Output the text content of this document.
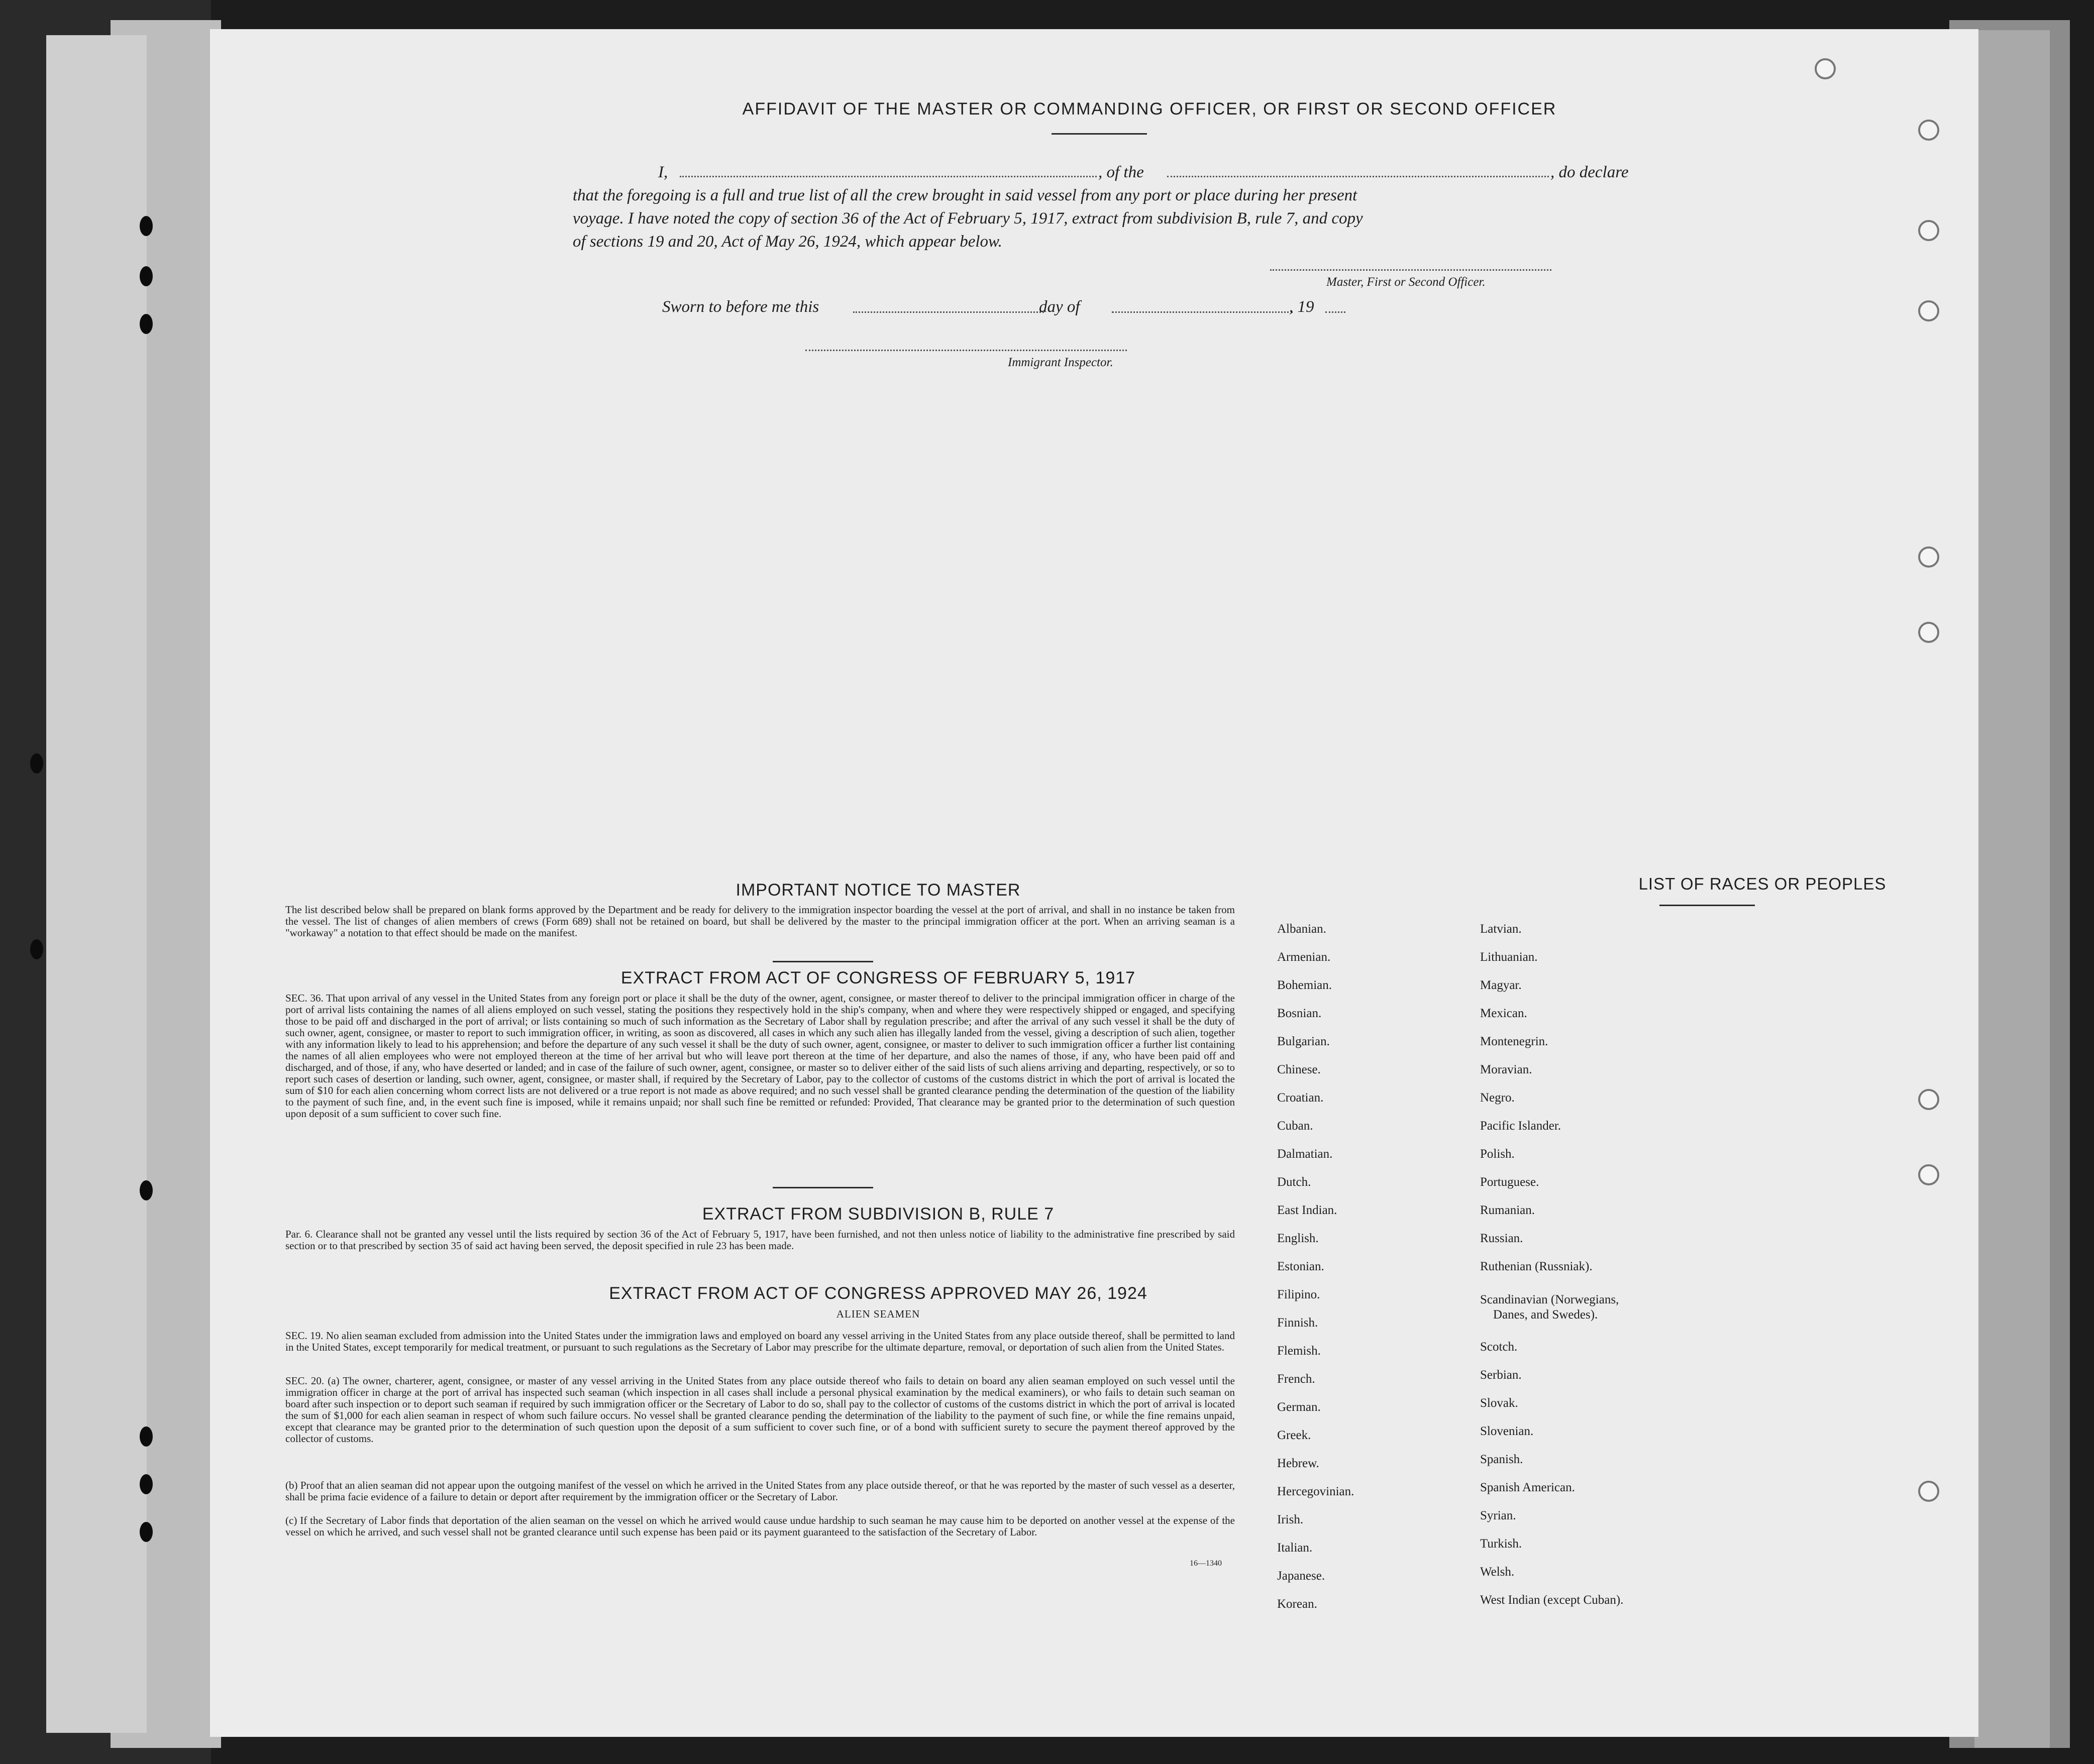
AFFIDAVIT OF THE MASTER OR COMMANDING OFFICER, OR FIRST OR SECOND OFFICER
I,	, of the	, do declare
that the foregoing is a full and true list of all the crew brought in said vessel from any port or place during her present
voyage. I have noted the copy of section 36 of the Act of February 5, 1917, extract from subdivision B, rule 7, and copy
of sections 19 and 20, Act of May 26, 1924, which appear below.
Master, First or Second Officer.
Sworn to before me this	day of	, 19
Immigrant Inspector.
IMPORTANT NOTICE TO MASTER
The list described below shall be prepared on blank forms approved by the Department and be ready for delivery to the immigration inspector boarding the vessel at the port of arrival, and shall in no instance be taken from the vessel. The list of changes of alien members of crews (Form 689) shall not be retained on board, but shall be delivered by the master to the principal immigration officer at the port. When an arriving seaman is a "workaway" a notation to that effect should be made on the manifest.
EXTRACT FROM ACT OF CONGRESS OF FEBRUARY 5, 1917
SEC. 36. That upon arrival of any vessel in the United States from any foreign port or place it shall be the duty of the owner, agent, consignee, or master thereof to deliver to the principal immigration officer in charge of the port of arrival lists containing the names of all aliens employed on such vessel, stating the positions they respectively hold in the ship's company, when and where they were respectively shipped or engaged, and specifying those to be paid off and discharged in the port of arrival; or lists containing so much of such information as the Secretary of Labor shall by regulation prescribe; and after the arrival of any such vessel it shall be the duty of such owner, agent, consignee, or master to report to such immigration officer, in writing, as soon as discovered, all cases in which any such alien has illegally landed from the vessel, giving a description of such alien, together with any information likely to lead to his apprehension; and before the departure of any such vessel it shall be the duty of such owner, agent, consignee, or master to deliver to such immigration officer a further list containing the names of all alien employees who were not employed thereon at the time of her arrival but who will leave port thereon at the time of her departure, and also the names of those, if any, who have been paid off and discharged, and of those, if any, who have deserted or landed; and in case of the failure of such owner, agent, consignee, or master so to deliver either of the said lists of such aliens arriving and departing, respectively, or so to report such cases of desertion or landing, such owner, agent, consignee, or master shall, if required by the Secretary of Labor, pay to the collector of customs of the customs district in which the port of arrival is located the sum of $10 for each alien concerning whom correct lists are not delivered or a true report is not made as above required; and no such vessel shall be granted clearance pending the determination of the question of the liability to the payment of such fine, and, in the event such fine is imposed, while it remains unpaid; nor shall such fine be remitted or refunded: Provided, That clearance may be granted prior to the determination of such question upon deposit of a sum sufficient to cover such fine.
EXTRACT FROM SUBDIVISION B, RULE 7
Par. 6. Clearance shall not be granted any vessel until the lists required by section 36 of the Act of February 5, 1917, have been furnished, and not then unless notice of liability to the administrative fine prescribed by said section or to that prescribed by section 35 of said act having been served, the deposit specified in rule 23 has been made.
EXTRACT FROM ACT OF CONGRESS APPROVED MAY 26, 1924
ALIEN SEAMEN
SEC. 19. No alien seaman excluded from admission into the United States under the immigration laws and employed on board any vessel arriving in the United States from any place outside thereof, shall be permitted to land in the United States, except temporarily for medical treatment, or pursuant to such regulations as the Secretary of Labor may prescribe for the ultimate departure, removal, or deportation of such alien from the United States.
SEC. 20. (a) The owner, charterer, agent, consignee, or master of any vessel arriving in the United States from any place outside thereof who fails to detain on board any alien seaman employed on such vessel until the immigration officer in charge at the port of arrival has inspected such seaman (which inspection in all cases shall include a personal physical examination by the medical examiners), or who fails to detain such seaman on board after such inspection or to deport such seaman if required by such immigration officer or the Secretary of Labor to do so, shall pay to the collector of customs of the customs district in which the port of arrival is located the sum of $1,000 for each alien seaman in respect of whom such failure occurs. No vessel shall be granted clearance pending the determination of the liability to the payment of such fine, or while the fine remains unpaid, except that clearance may be granted prior to the determination of such question upon the deposit of a sum sufficient to cover such fine, or of a bond with sufficient surety to secure the payment thereof approved by the collector of customs.
(b) Proof that an alien seaman did not appear upon the outgoing manifest of the vessel on which he arrived in the United States from any place outside thereof, or that he was reported by the master of such vessel as a deserter, shall be prima facie evidence of a failure to detain or deport after requirement by the immigration officer or the Secretary of Labor.
(c) If the Secretary of Labor finds that deportation of the alien seaman on the vessel on which he arrived would cause undue hardship to such seaman he may cause him to be deported on another vessel at the expense of the vessel on which he arrived, and such vessel shall not be granted clearance until such expense has been paid or its payment guaranteed to the satisfaction of the Secretary of Labor.
16—1340
LIST OF RACES OR PEOPLES
Albanian.
Armenian.
Bohemian.
Bosnian.
Bulgarian.
Chinese.
Croatian.
Cuban.
Dalmatian.
Dutch.
East Indian.
English.
Estonian.
Filipino.
Finnish.
Flemish.
French.
German.
Greek.
Hebrew.
Hercegovinian.
Irish.
Italian.
Japanese.
Korean.
Latvian.
Lithuanian.
Magyar.
Mexican.
Montenegrin.
Moravian.
Negro.
Pacific Islander.
Polish.
Portuguese.
Rumanian.
Russian.
Ruthenian (Russniak).
Scandinavian (Norwegians,
Danes, and Swedes).
Scotch.
Serbian.
Slovak.
Slovenian.
Spanish.
Spanish American.
Syrian.
Turkish.
Welsh.
West Indian (except Cuban).
